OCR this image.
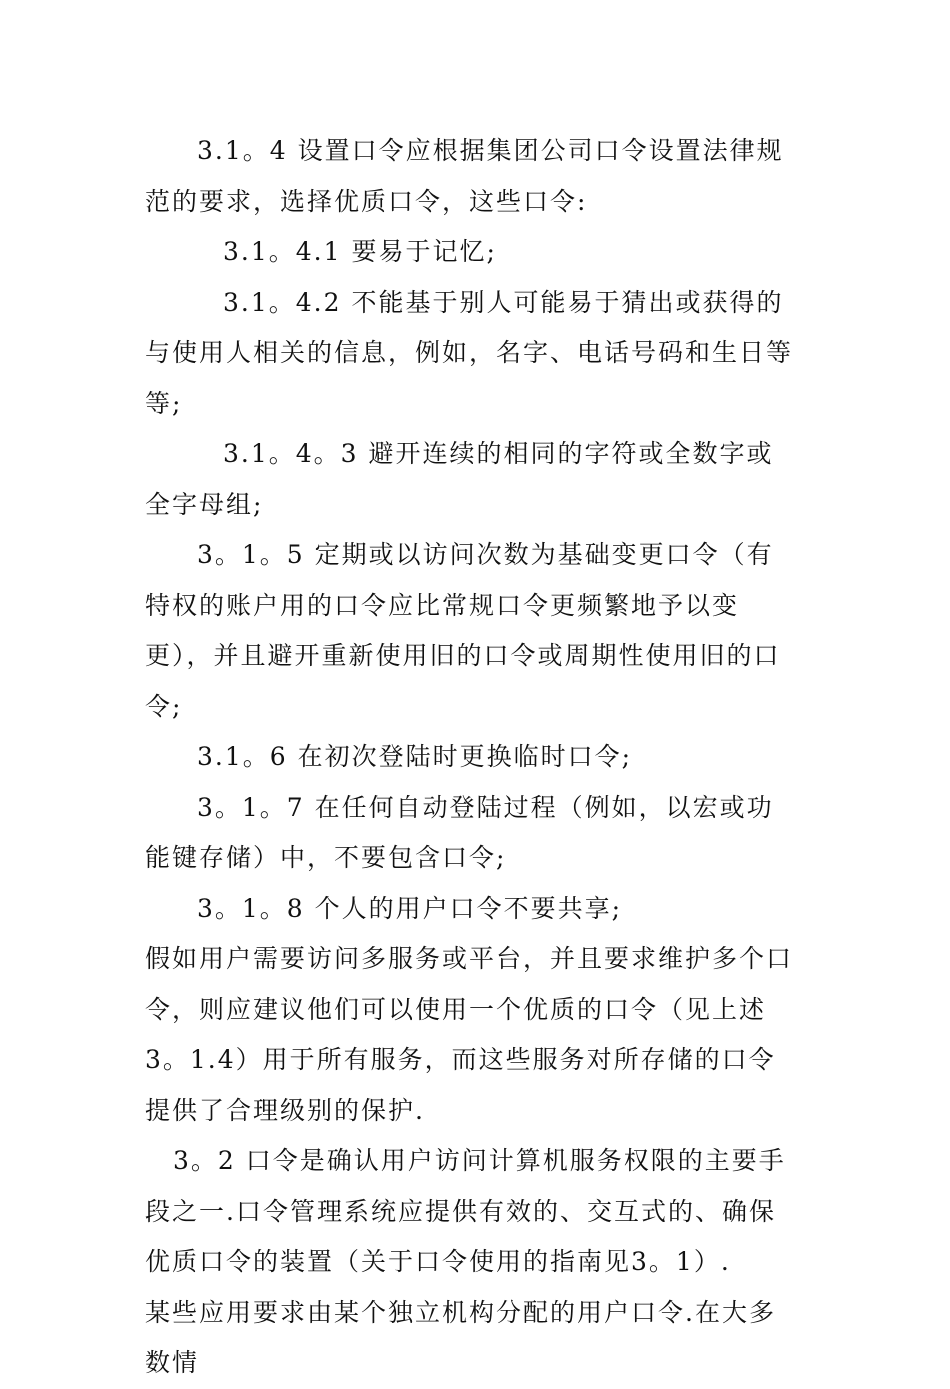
3.1。4 设置口令应根据集团公司口令设置法律规范的要求，选择优质口令，这些口令:

3.1。4.1 要易于记忆;

3.1。4.2 不能基于别人可能易于猜出或获得的与使用人相关的信息，例如，名字、电话号码和生日等等;

3.1。4。3 避开连续的相同的字符或全数字或全字母组;

3。1。5 定期或以访问次数为基础变更口令（有特权的账户用的口令应比常规口令更频繁地予以变更），并且避开重新使用旧的口令或周期性使用旧的口令;

3.1。6 在初次登陆时更换临时口令;

3。1。7 在任何自动登陆过程（例如，以宏或功能键存储）中，不要包含口令;

3。1。8 个人的用户口令不要共享;

假如用户需要访问多服务或平台，并且要求维护多个口令，则应建议他们可以使用一个优质的口令（见上述3。1.4）用于所有服务，而这些服务对所存储的口令提供了合理级别的保护.

3。2 口令是确认用户访问计算机服务权限的主要手段之一.口令管理系统应提供有效的、交互式的、确保优质口令的装置（关于口令使用的指南见3。1）.

某些应用要求由某个独立机构分配的用户口令.在大多数情
